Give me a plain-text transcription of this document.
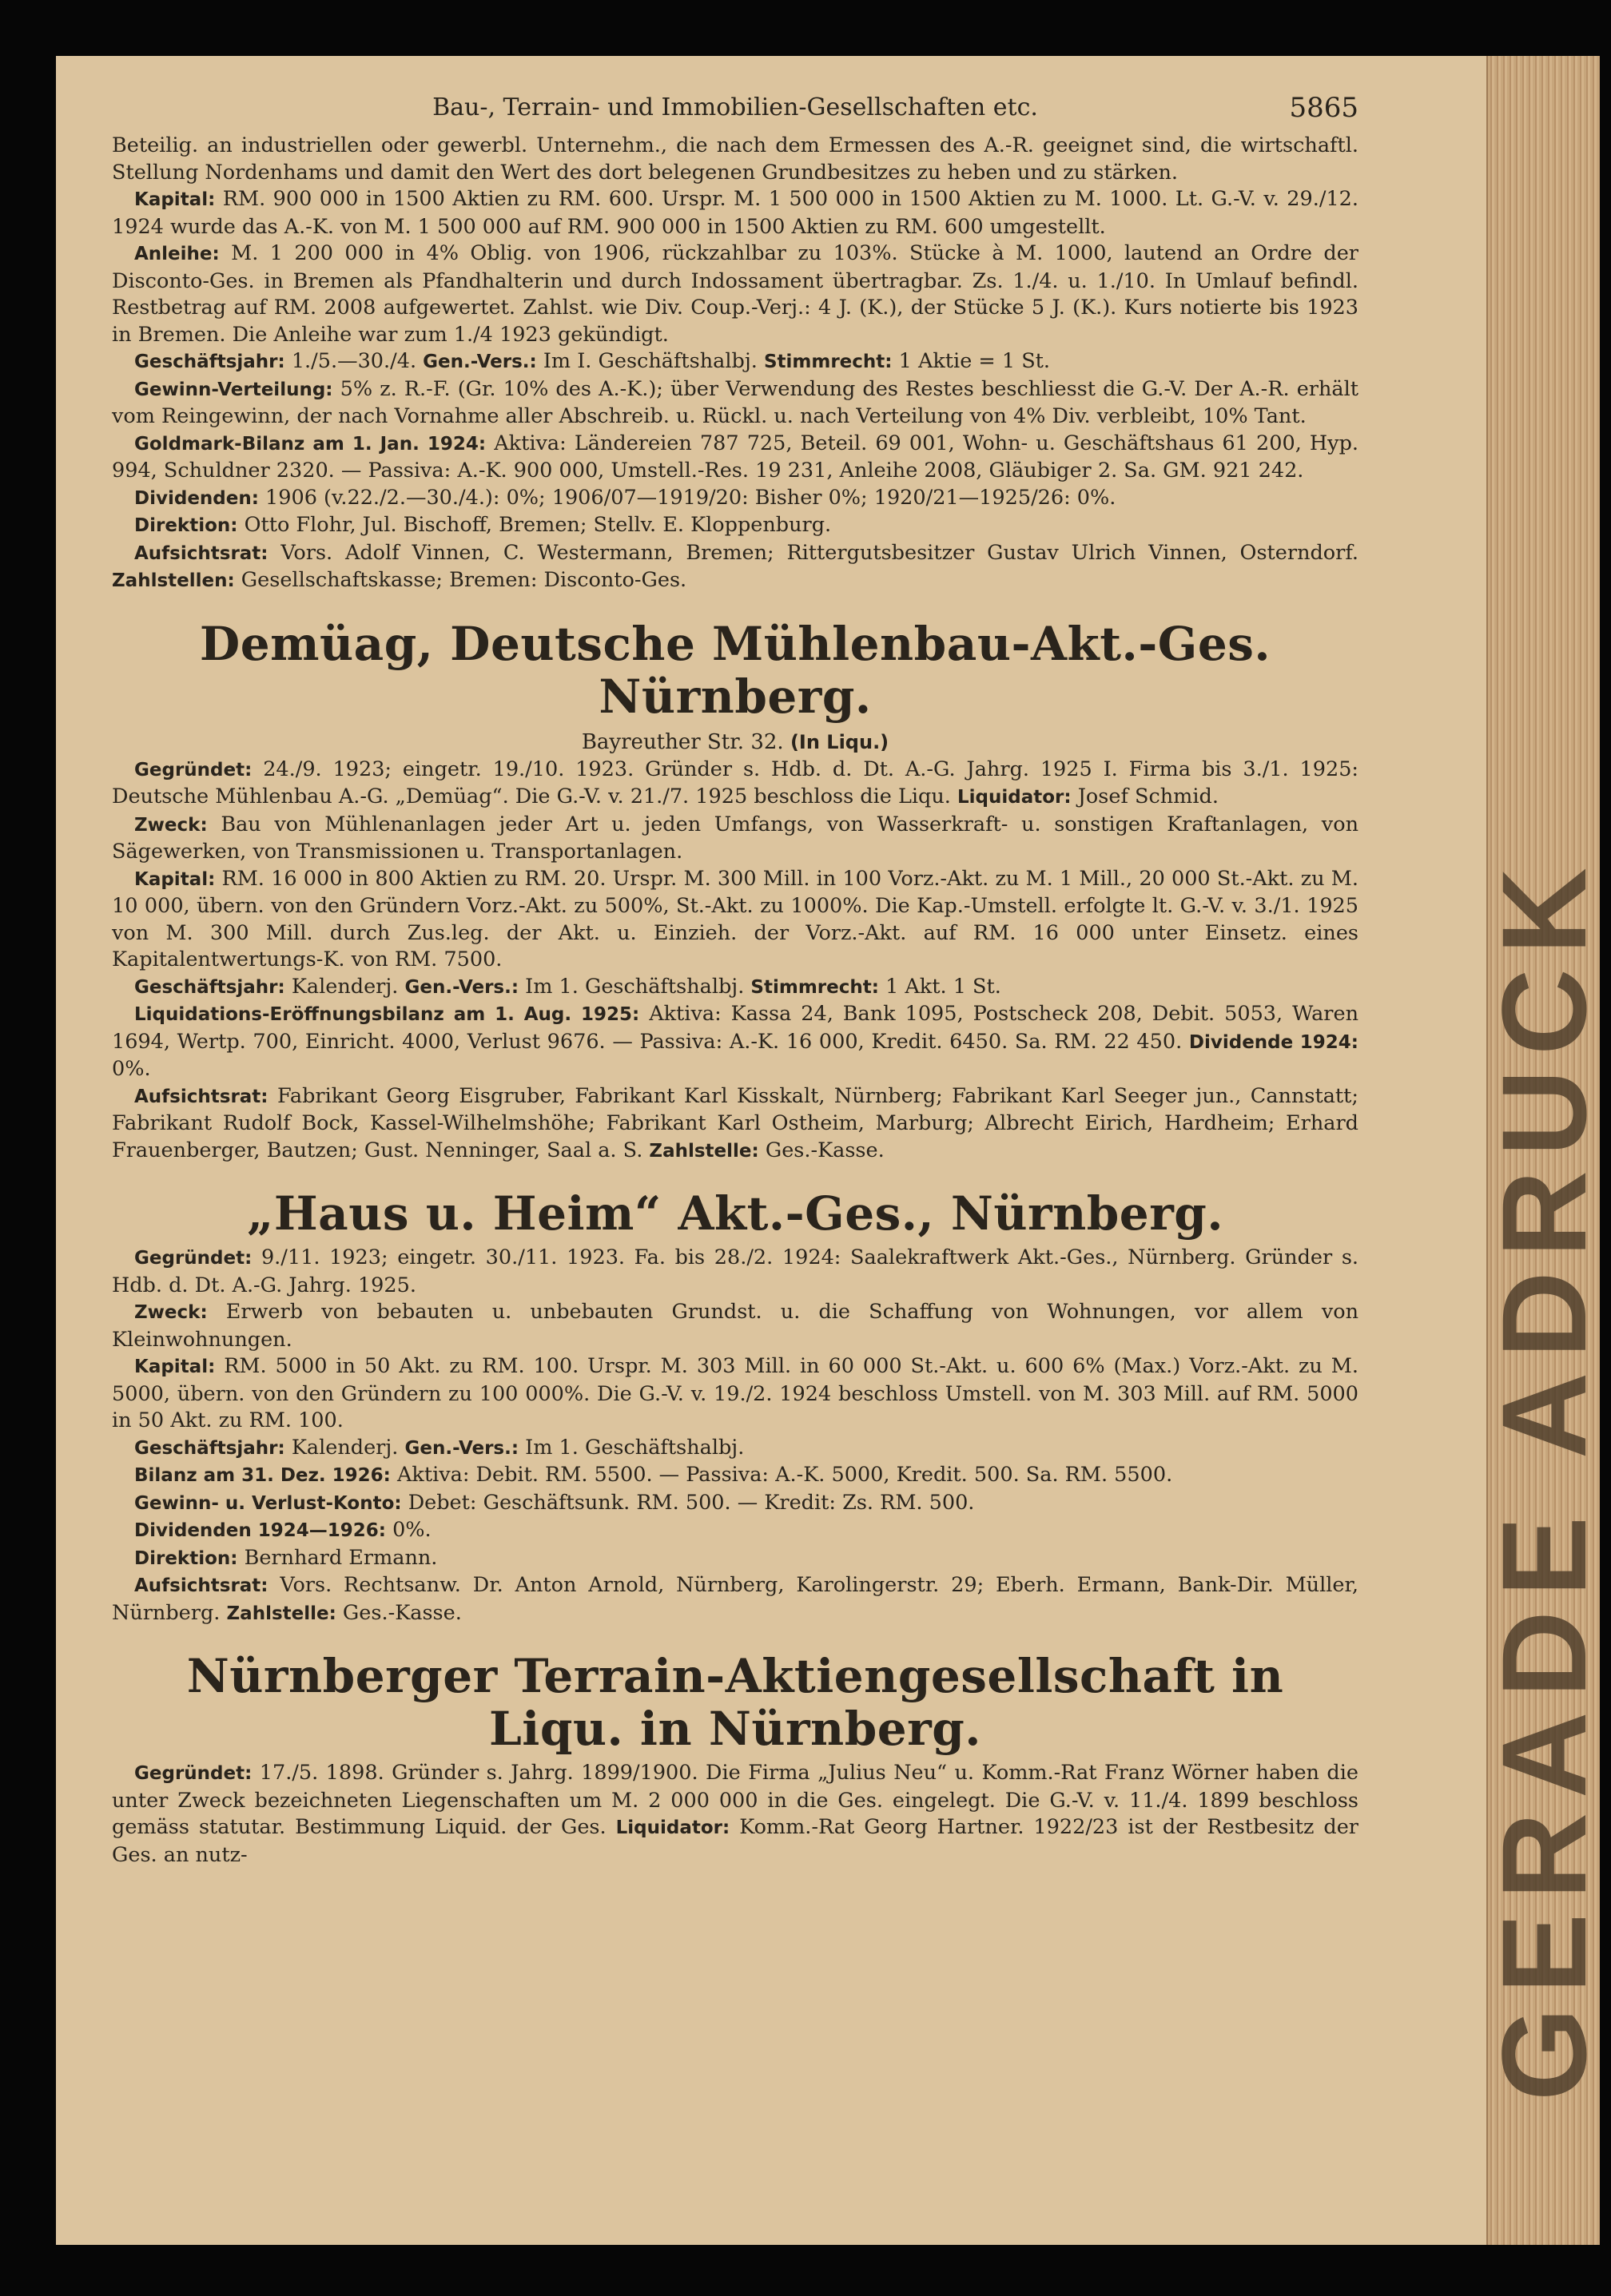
Bau-, Terrain- und Immobilien-Gesellschaften etc.	5865

Beteilig. an industriellen oder gewerbl. Unternehm., die nach dem Ermessen des A.-R. geeignet sind, die wirtschaftl. Stellung Nordenhams und damit den Wert des dort belegenen Grundbesitzes zu heben und zu stärken.

Kapital: RM. 900 000 in 1500 Aktien zu RM. 600. Urspr. M. 1 500 000 in 1500 Aktien zu M. 1000. Lt. G.-V. v. 29./12. 1924 wurde das A.-K. von M. 1 500 000 auf RM. 900 000 in 1500 Aktien zu RM. 600 umgestellt.

Anleihe: M. 1 200 000 in 4% Oblig. von 1906, rückzahlbar zu 103%. Stücke à M. 1000, lautend an Ordre der Disconto-Ges. in Bremen als Pfandhalterin und durch Indossament übertragbar. Zs. 1./4. u. 1./10. In Umlauf befindl. Restbetrag auf RM. 2008 aufgewertet. Zahlst. wie Div. Coup.-Verj.: 4 J. (K.), der Stücke 5 J. (K.). Kurs notierte bis 1923 in Bremen. Die Anleihe war zum 1./4 1923 gekündigt.

Geschäftsjahr: 1./5.—30./4. Gen.-Vers.: Im I. Geschäftshalbj. Stimmrecht: 1 Aktie = 1 St.

Gewinn-Verteilung: 5% z. R.-F. (Gr. 10% des A.-K.); über Verwendung des Restes beschliesst die G.-V. Der A.-R. erhält vom Reingewinn, der nach Vornahme aller Abschreib. u. Rückl. u. nach Verteilung von 4% Div. verbleibt, 10% Tant.

Goldmark-Bilanz am 1. Jan. 1924: Aktiva: Ländereien 787 725, Beteil. 69 001, Wohn- u. Geschäftshaus 61 200, Hyp. 994, Schuldner 2320. — Passiva: A.-K. 900 000, Umstell.-Res. 19 231, Anleihe 2008, Gläubiger 2. Sa. GM. 921 242.

Dividenden: 1906 (v.22./2.—30./4.): 0%; 1906/07—1919/20: Bisher 0%; 1920/21—1925/26: 0%.

Direktion: Otto Flohr, Jul. Bischoff, Bremen; Stellv. E. Kloppenburg.

Aufsichtsrat: Vors. Adolf Vinnen, C. Westermann, Bremen; Rittergutsbesitzer Gustav Ulrich Vinnen, Osterndorf. Zahlstellen: Gesellschaftskasse; Bremen: Disconto-Ges.

Demüag, Deutsche Mühlenbau-Akt.-Ges. Nürnberg.
Bayreuther Str. 32. (In Liqu.)

Gegründet: 24./9. 1923; eingetr. 19./10. 1923. Gründer s. Hdb. d. Dt. A.-G. Jahrg. 1925 I. Firma bis 3./1. 1925: Deutsche Mühlenbau A.-G. „Demüag“. Die G.-V. v. 21./7. 1925 beschloss die Liqu. Liquidator: Josef Schmid.

Zweck: Bau von Mühlenanlagen jeder Art u. jeden Umfangs, von Wasserkraft- u. sonstigen Kraftanlagen, von Sägewerken, von Transmissionen u. Transportanlagen.

Kapital: RM. 16 000 in 800 Aktien zu RM. 20. Urspr. M. 300 Mill. in 100 Vorz.-Akt. zu M. 1 Mill., 20 000 St.-Akt. zu M. 10 000, übern. von den Gründern Vorz.-Akt. zu 500%, St.-Akt. zu 1000%. Die Kap.-Umstell. erfolgte lt. G.-V. v. 3./1. 1925 von M. 300 Mill. durch Zus.leg. der Akt. u. Einzieh. der Vorz.-Akt. auf RM. 16 000 unter Einsetz. eines Kapitalentwertungs-K. von RM. 7500.

Geschäftsjahr: Kalenderj. Gen.-Vers.: Im 1. Geschäftshalbj. Stimmrecht: 1 Akt. 1 St.

Liquidations-Eröffnungsbilanz am 1. Aug. 1925: Aktiva: Kassa 24, Bank 1095, Postscheck 208, Debit. 5053, Waren 1694, Wertp. 700, Einricht. 4000, Verlust 9676. — Passiva: A.-K. 16 000, Kredit. 6450. Sa. RM. 22 450. Dividende 1924: 0%.

Aufsichtsrat: Fabrikant Georg Eisgruber, Fabrikant Karl Kisskalt, Nürnberg; Fabrikant Karl Seeger jun., Cannstatt; Fabrikant Rudolf Bock, Kassel-Wilhelmshöhe; Fabrikant Karl Ostheim, Marburg; Albrecht Eirich, Hardheim; Erhard Frauenberger, Bautzen; Gust. Nenninger, Saal a. S. Zahlstelle: Ges.-Kasse.

„Haus u. Heim“ Akt.-Ges., Nürnberg.

Gegründet: 9./11. 1923; eingetr. 30./11. 1923. Fa. bis 28./2. 1924: Saalekraftwerk Akt.-Ges., Nürnberg. Gründer s. Hdb. d. Dt. A.-G. Jahrg. 1925.

Zweck: Erwerb von bebauten u. unbebauten Grundst. u. die Schaffung von Wohnungen, vor allem von Kleinwohnungen.

Kapital: RM. 5000 in 50 Akt. zu RM. 100. Urspr. M. 303 Mill. in 60 000 St.-Akt. u. 600 6% (Max.) Vorz.-Akt. zu M. 5000, übern. von den Gründern zu 100 000%. Die G.-V. v. 19./2. 1924 beschloss Umstell. von M. 303 Mill. auf RM. 5000 in 50 Akt. zu RM. 100.

Geschäftsjahr: Kalenderj. Gen.-Vers.: Im 1. Geschäftshalbj.

Bilanz am 31. Dez. 1926: Aktiva: Debit. RM. 5500. — Passiva: A.-K. 5000, Kredit. 500. Sa. RM. 5500.

Gewinn- u. Verlust-Konto: Debet: Geschäftsunk. RM. 500. — Kredit: Zs. RM. 500.

Dividenden 1924—1926: 0%.

Direktion: Bernhard Ermann.

Aufsichtsrat: Vors. Rechtsanw. Dr. Anton Arnold, Nürnberg, Karolingerstr. 29; Eberh. Ermann, Bank-Dir. Müller, Nürnberg. Zahlstelle: Ges.-Kasse.

Nürnberger Terrain-Aktiengesellschaft in Liqu. in Nürnberg.

Gegründet: 17./5. 1898. Gründer s. Jahrg. 1899/1900. Die Firma „Julius Neu“ u. Komm.-Rat Franz Wörner haben die unter Zweck bezeichneten Liegenschaften um M. 2 000 000 in die Ges. eingelegt. Die G.-V. v. 11./4. 1899 beschloss gemäss statutar. Bestimmung Liquid. der Ges. Liquidator: Komm.-Rat Georg Hartner. 1922/23 ist der Restbesitz der Ges. an nutz-	GERADE ADRUCK
